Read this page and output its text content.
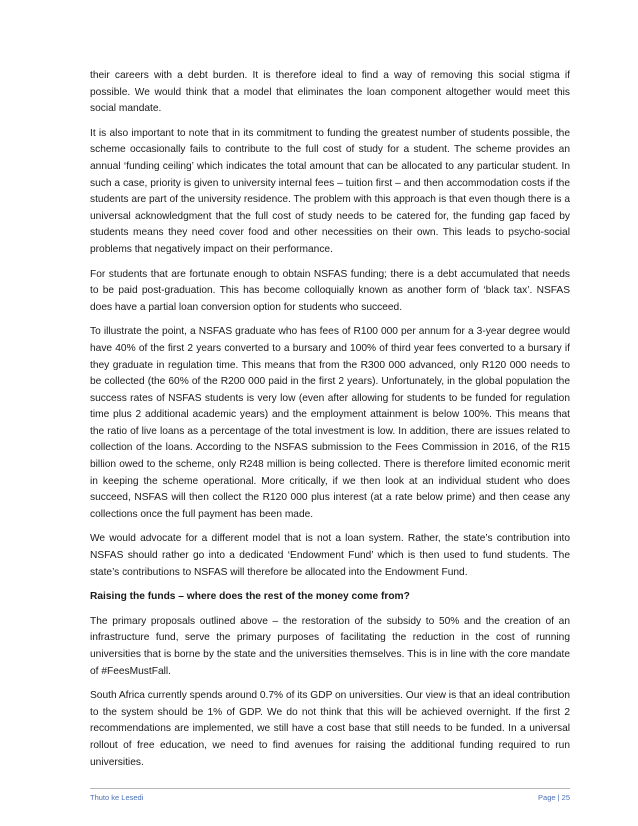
their careers with a debt burden. It is therefore ideal to find a way of removing this social stigma if possible. We would think that a model that eliminates the loan component altogether would meet this social mandate.

It is also important to note that in its commitment to funding the greatest number of students possible, the scheme occasionally fails to contribute to the full cost of study for a student. The scheme provides an annual ‘funding ceiling’ which indicates the total amount that can be allocated to any particular student. In such a case, priority is given to university internal fees – tuition first – and then accommodation costs if the students are part of the university residence. The problem with this approach is that even though there is a universal acknowledgment that the full cost of study needs to be catered for, the funding gap faced by students means they need cover food and other necessities on their own. This leads to psycho-social problems that negatively impact on their performance.

For students that are fortunate enough to obtain NSFAS funding; there is a debt accumulated that needs to be paid post-graduation. This has become colloquially known as another form of ‘black tax’. NSFAS does have a partial loan conversion option for students who succeed.

To illustrate the point, a NSFAS graduate who has fees of R100 000 per annum for a 3-year degree would have 40% of the first 2 years converted to a bursary and 100% of third year fees converted to a bursary if they graduate in regulation time. This means that from the R300 000 advanced, only R120 000 needs to be collected (the 60% of the R200 000 paid in the first 2 years). Unfortunately, in the global population the success rates of NSFAS students is very low (even after allowing for students to be funded for regulation time plus 2 additional academic years) and the employment attainment is below 100%. This means that the ratio of live loans as a percentage of the total investment is low. In addition, there are issues related to collection of the loans. According to the NSFAS submission to the Fees Commission in 2016, of the R15 billion owed to the scheme, only R248 million is being collected. There is therefore limited economic merit in keeping the scheme operational. More critically, if we then look at an individual student who does succeed, NSFAS will then collect the R120 000 plus interest (at a rate below prime) and then cease any collections once the full payment has been made.

We would advocate for a different model that is not a loan system. Rather, the state’s contribution into NSFAS should rather go into a dedicated ‘Endowment Fund’ which is then used to fund students. The state’s contributions to NSFAS will therefore be allocated into the Endowment Fund.

Raising the funds – where does the rest of the money come from?

The primary proposals outlined above – the restoration of the subsidy to 50% and the creation of an infrastructure fund, serve the primary purposes of facilitating the reduction in the cost of running universities that is borne by the state and the universities themselves. This is in line with the core mandate of #FeesMustFall.

South Africa currently spends around 0.7% of its GDP on universities. Our view is that an ideal contribution to the system should be 1% of GDP. We do not think that this will be achieved overnight. If the first 2 recommendations are implemented, we still have a cost base that still needs to be funded. In a universal rollout of free education, we need to find avenues for raising the additional funding required to run universities.

Thuto ke Lesedi	Page | 25
